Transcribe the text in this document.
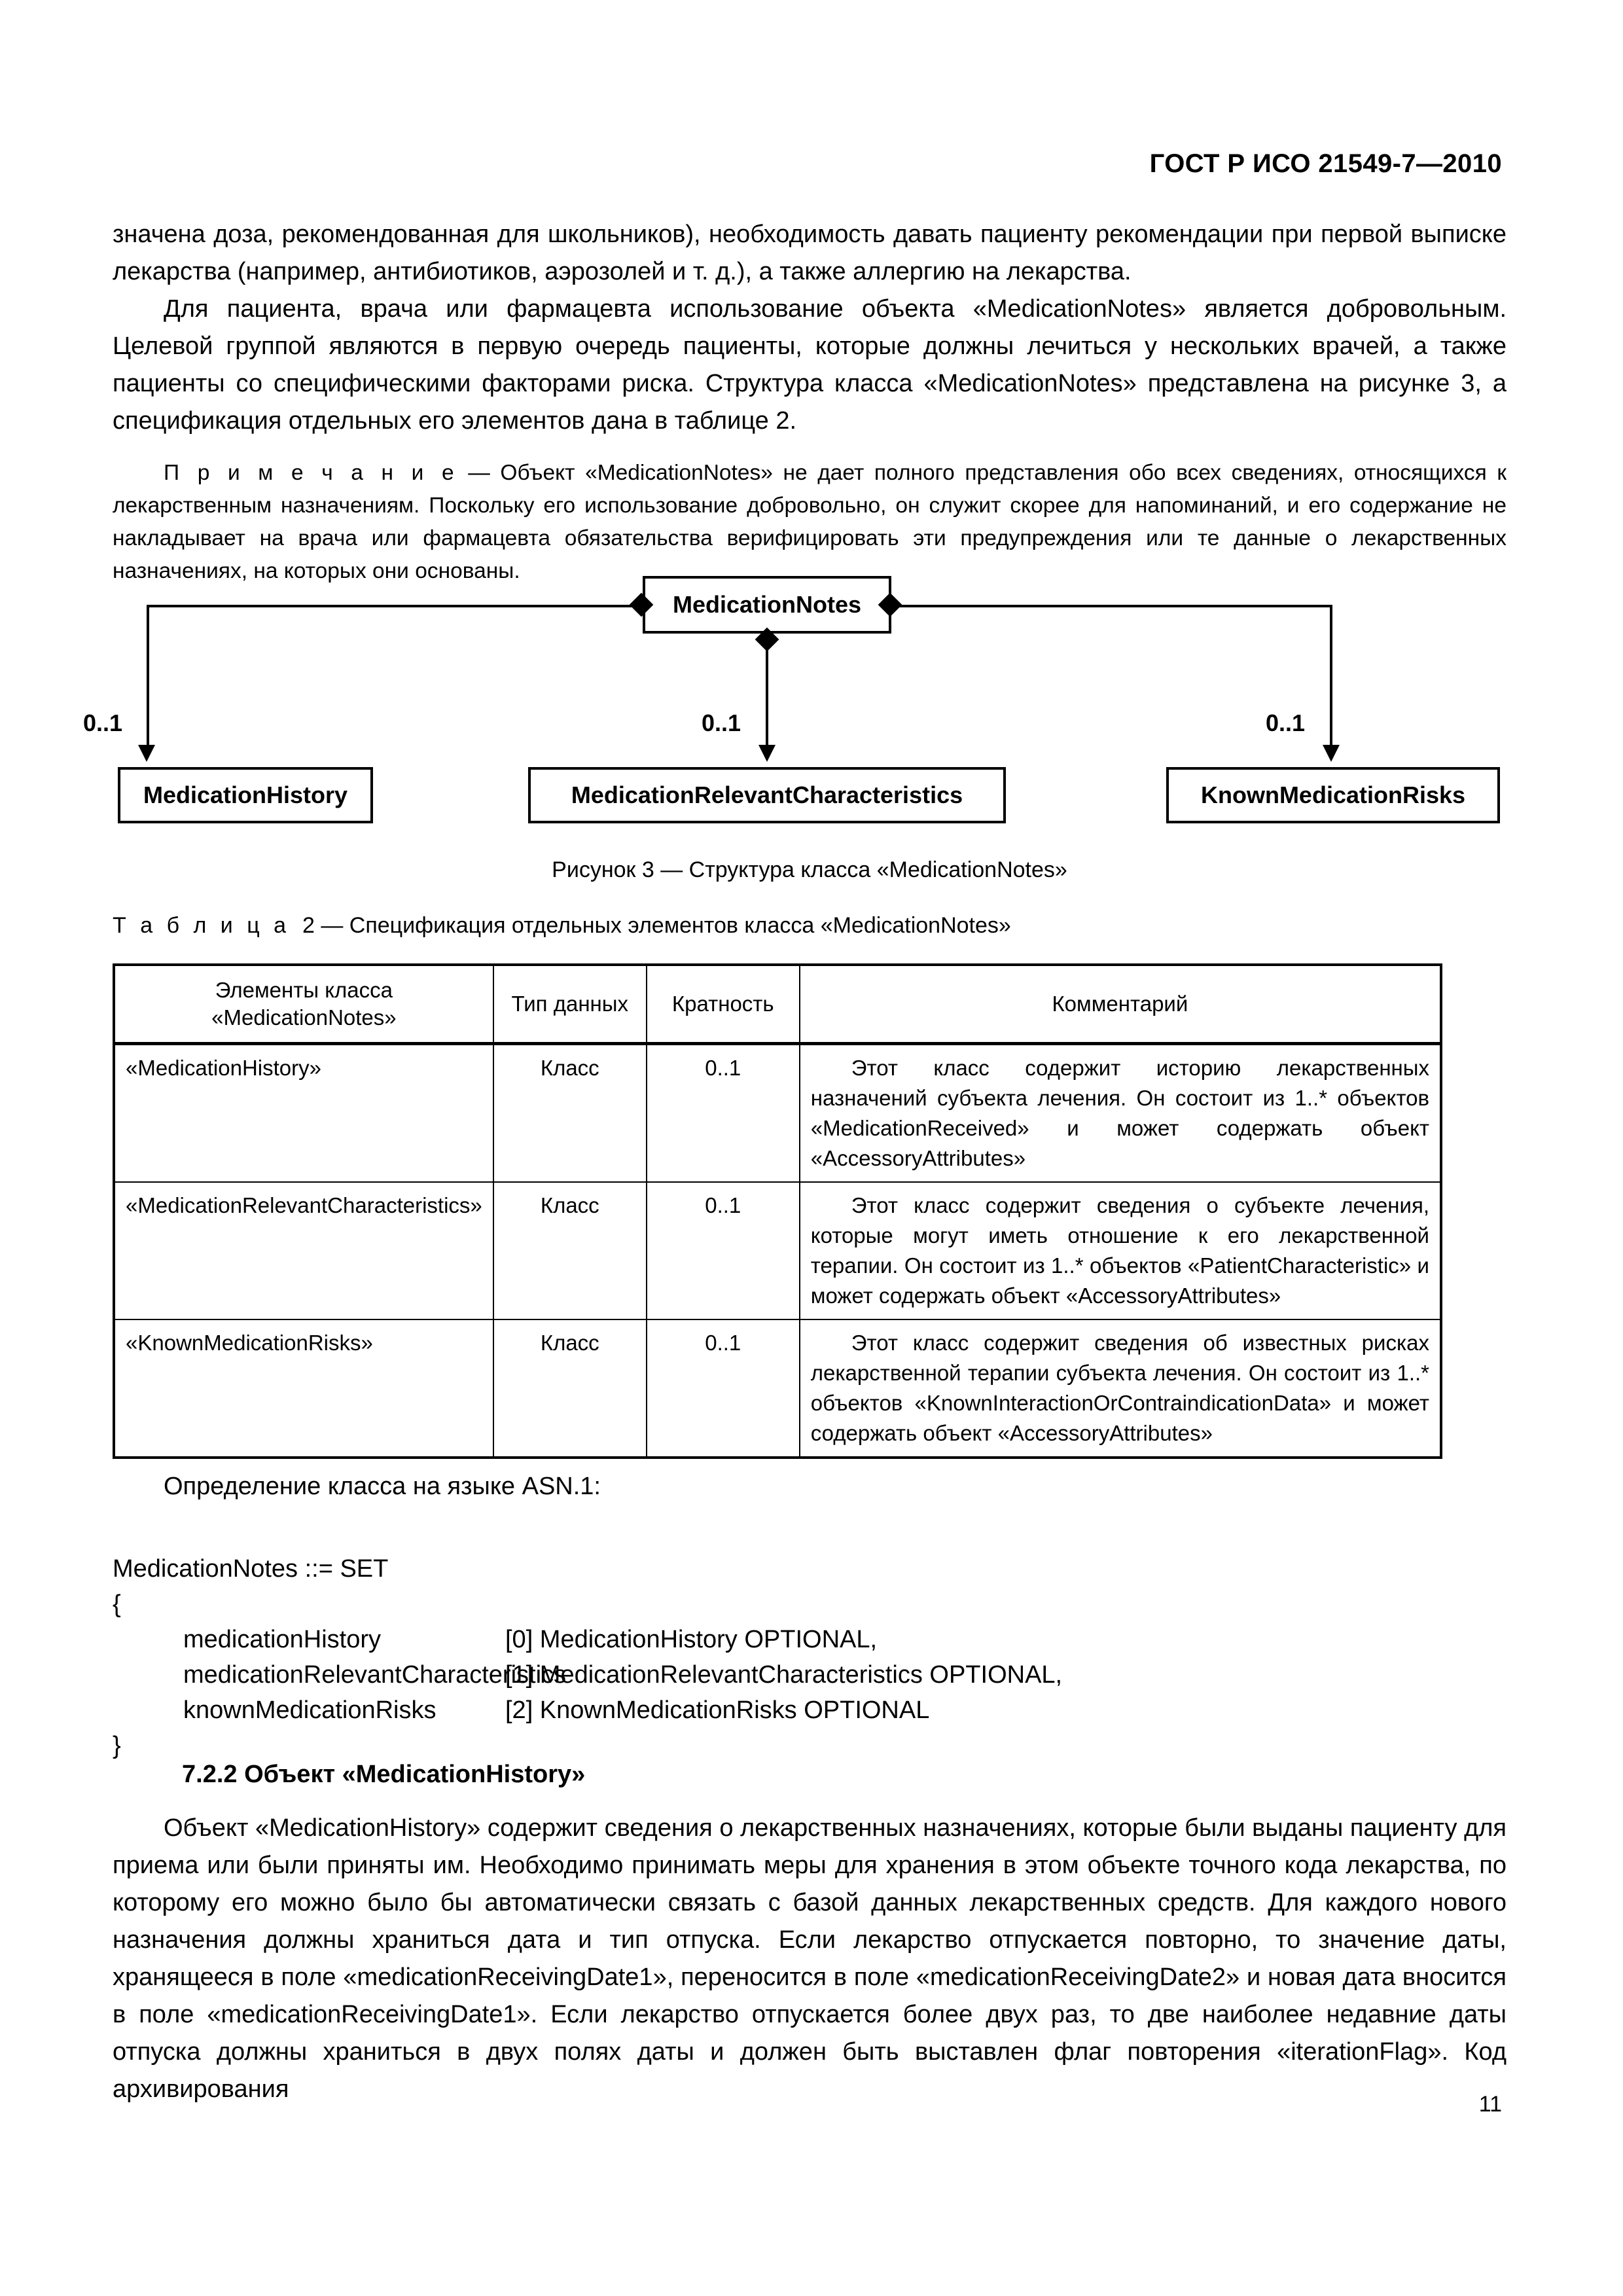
ГОСТ Р ИСО 21549-7—2010

значена доза, рекомендованная для школьников), необходимость давать пациенту рекомендации при первой выписке лекарства (например, антибиотиков, аэрозолей и т. д.), а также аллергию на лекарства.

Для пациента, врача или фармацевта использование объекта «MedicationNotes» является добровольным. Целевой группой являются в первую очередь пациенты, которые должны лечиться у нескольких врачей, а также пациенты со специфическими факторами риска. Структура класса «MedicationNotes» представлена на рисунке 3, а спецификация отдельных его элементов дана в таблице 2.

П р и м е ч а н и е — Объект «MedicationNotes» не дает полного представления обо всех сведениях, относящихся к лекарственным назначениям. Поскольку его использование добровольно, он служит скорее для напоминаний, и его содержание не накладывает на врача или фармацевта обязательства верифицировать эти предупреждения или те данные о лекарственных назначениях, на которых они основаны.

MedicationNotes
0..1	0..1	0..1
MedicationHistory	MedicationRelevantCharacteristics	KnownMedicationRisks
Рисунок 3 — Структура класса «MedicationNotes»
Т а б л и ц а 2 — Спецификация отдельных элементов класса «MedicationNotes»
Элементы класса «MedicationNotes»	Тип данных	Кратность	Комментарий
«MedicationHistory»	Класс	0..1	Этот класс содержит историю лекарственных назначений субъекта лечения. Он состоит из 1..* объектов «MedicationReceived» и может содержать объект «AccessoryAttributes»
«MedicationRelevantCharacteristics»	Класс	0..1	Этот класс содержит сведения о субъекте лечения, которые могут иметь отношение к его лекарственной терапии. Он состоит из 1..* объектов «PatientCharacteristic» и может содержать объект «AccessoryAttributes»
«KnownMedicationRisks»	Класс	0..1	Этот класс содержит сведения об известных рисках лекарственной терапии субъекта лечения. Он состоит из 1..* объектов «KnownInteractionOrContraindicationData» и может содержать объект «AccessoryAttributes»
Определение класса на языке ASN.1:
MedicationNotes ::= SET
{
medicationHistory	[0] MedicationHistory OPTIONAL,
medicationRelevantCharacteristics
[1] MedicationRelevantCharacteristics OPTIONAL,
knownMedicationRisks	[2] KnownMedicationRisks OPTIONAL
}
7.2.2 Объект «MedicationHistory»

Объект «MedicationHistory» содержит сведения о лекарственных назначениях, которые были выданы пациенту для приема или были приняты им. Необходимо принимать меры для хранения в этом объекте точного кода лекарства, по которому его можно было бы автоматически связать с базой данных лекарственных средств. Для каждого нового назначения должны храниться дата и тип отпуска. Если лекарство отпускается повторно, то значение даты, хранящееся в поле «medicationReceivingDate1», переносится в поле «medicationReceivingDate2» и новая дата вносится в поле «medicationReceivingDate1». Если лекарство отпускается более двух раз, то две наиболее недавние даты отпуска должны храниться в двух полях даты и должен быть выставлен флаг повторения «iterationFlag». Код архивирования

11
